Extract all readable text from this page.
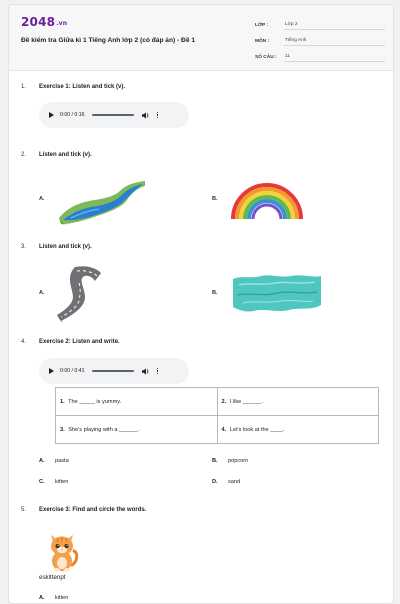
2048.vn
Đề kiểm tra Giữa kì 1 Tiếng Anh lớp 2 (có đáp án) - Đề 1
LỚP :	Lớp 2
MÔN :	Tiếng Anh
SỐ CÂU :	11
1.	Exercise 1: Listen and tick (v).
0:00 / 0:16
2.	Listen and tick (v).
A.	B.
3.	Listen and tick (v).
A.	B.
4.	Exercise 2: Listen and write.
0:00 / 0:41
1. The _____ is yummy.	2. I like ______.
3. She's playing with a ______.	4. Let's look at the ____.
A. pasta	B. popcorn
C. kitten	D. sand
5.	Exercise 3: Find and circle the words.
eskittenpt
A. kitten
